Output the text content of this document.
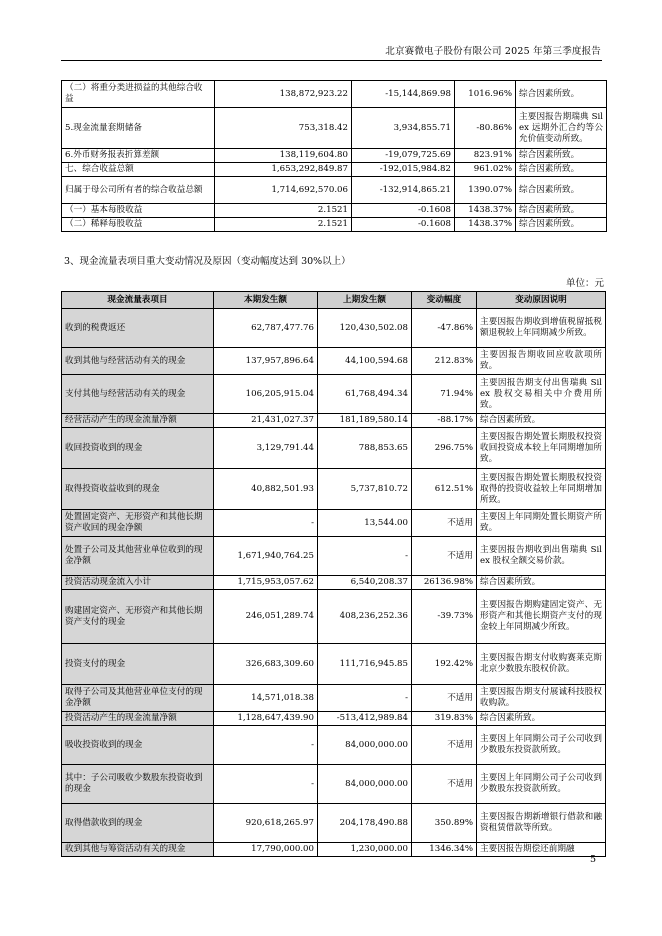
北京赛微电子股份有限公司 2025 年第三季度报告
（二）将重分类进损益的其他综合收益	138,872,923.22	-15,144,869.98	1016.96%	综合因素所致。
5.现金流量套期储备	753,318.42	3,934,855.71	-80.86%	主要因报告期瑞典 Silex 远期外汇合约等公允价值变动所致。
6.外币财务报表折算差额	138,119,604.80	-19,079,725.69	823.91%	综合因素所致。
七、综合收益总额	1,653,292,849.87	-192,015,984.82	961.02%	综合因素所致。
归属于母公司所有者的综合收益总额	1,714,692,570.06	-132,914,865.21	1390.07%	综合因素所致。
（一）基本每股收益	2.1521	-0.1608	1438.37%	综合因素所致。
（二）稀释每股收益	2.1521	-0.1608	1438.37%	综合因素所致。
3、现金流量表项目重大变动情况及原因（变动幅度达到 30%以上）
单位：元
现金流量表项目	本期发生额	上期发生额	变动幅度	变动原因说明
收到的税费返还	62,787,477.76	120,430,502.08	-47.86%	主要因报告期收到增值税留抵税额退税较上年同期减少所致。
收到其他与经营活动有关的现金	137,957,896.64	44,100,594.68	212.83%	主要因报告期收回应收款项所致。
支付其他与经营活动有关的现金	106,205,915.04	61,768,494.34	71.94%	主要因报告期支付出售瑞典 Silex 股权交易相关中介费用所致。
经营活动产生的现金流量净额	21,431,027.37	181,189,580.14	-88.17%	综合因素所致。
收回投资收到的现金	3,129,791.44	788,853.65	296.75%	主要因报告期处置长期股权投资收回投资成本较上年同期增加所致。
取得投资收益收到的现金	40,882,501.93	5,737,810.72	612.51%	主要因报告期处置长期股权投资取得的投资收益较上年同期增加所致。
处置固定资产、无形资产和其他长期资产收回的现金净额	-	13,544.00	不适用	主要因上年同期处置长期资产所致。
处置子公司及其他营业单位收到的现金净额	1,671,940,764.25	-	不适用	主要因报告期收到出售瑞典 Silex 股权全额交易价款。
投资活动现金流入小计	1,715,953,057.62	6,540,208.37	26136.98%	综合因素所致。
购建固定资产、无形资产和其他长期资产支付的现金	246,051,289.74	408,236,252.36	-39.73%	主要因报告期购建固定资产、无形资产和其他长期资产支付的现金较上年同期减少所致。
投资支付的现金	326,683,309.60	111,716,945.85	192.42%	主要因报告期支付收购赛莱克斯北京少数股东股权价款。
取得子公司及其他营业单位支付的现金净额	14,571,018.38	-	不适用	主要因报告期支付展诚科技股权收购款。
投资活动产生的现金流量净额	1,128,647,439.90	-513,412,989.84	319.83%	综合因素所致。
吸收投资收到的现金	-	84,000,000.00	不适用	主要因上年同期公司子公司收到少数股东投资款所致。
其中：子公司吸收少数股东投资收到的现金	-	84,000,000.00	不适用	主要因上年同期公司子公司收到少数股东投资款所致。
取得借款收到的现金	920,618,265.97	204,178,490.88	350.89%	主要因报告期新增银行借款和融资租赁借款等所致。
收到其他与筹资活动有关的现金	17,790,000.00	1,230,000.00	1346.34%	主要因报告期偿还前期融
5
